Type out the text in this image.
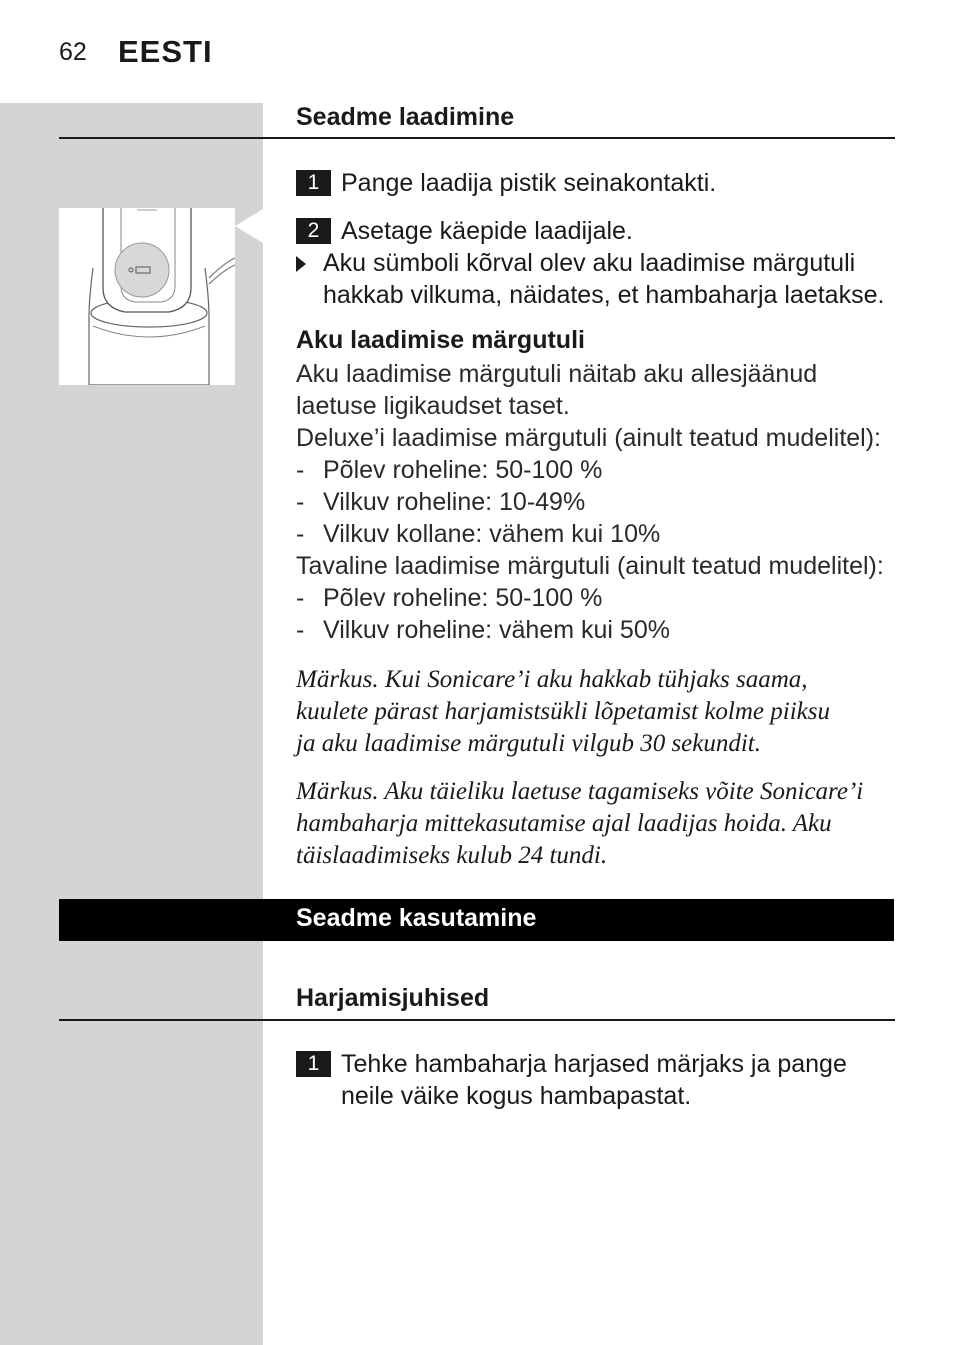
62 EESTI
Seadme laadimine
1 Pange laadija pistik seinakontakti.
2 Asetage käepide laadijale.
Aku sümboli kõrval olev aku laadimise märgutuli
hakkab vilkuma, näidates, et hambaharja laetakse.
Aku laadimise märgutuli
Aku laadimise märgutuli näitab aku allesjäänud
laetuse ligikaudset taset.
Deluxe’i laadimise märgutuli (ainult teatud mudelitel):
- Põlev roheline: 50-100 %
- Vilkuv roheline: 10-49%
- Vilkuv kollane: vähem kui 10%
Tavaline laadimise märgutuli (ainult teatud mudelitel):
- Põlev roheline: 50-100 %
- Vilkuv roheline: vähem kui 50%
Märkus. Kui Sonicare’i aku hakkab tühjaks saama,
kuulete pärast harjamistsükli lõpetamist kolme piiksu
ja aku laadimise märgutuli vilgub 30 sekundit.
Märkus. Aku täieliku laetuse tagamiseks võite Sonicare’i
hambaharja mittekasutamise ajal laadijas hoida. Aku
täislaadimiseks kulub 24 tundi.
Seadme kasutamine
Harjamisjuhised
1 Tehke hambaharja harjased märjaks ja pange
neile väike kogus hambapastat.
